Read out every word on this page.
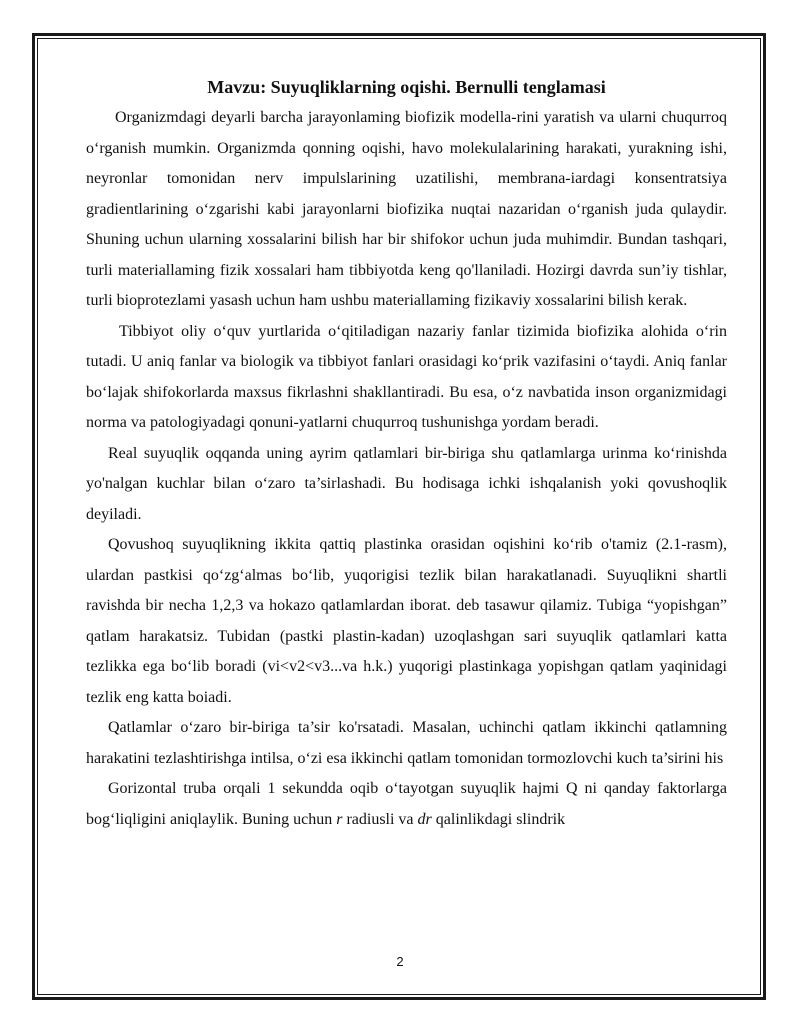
Mavzu: Suyuqliklarning oqishi. Bernulli tenglamasi

Organizmdagi deyarli barcha jarayonlaming biofizik modella-rini yaratish va ularni chuqurroq o‘rganish mumkin. Organizmda qonning oqishi, havo molekulalarining harakati, yurakning ishi, neyronlar tomonidan nerv impulslarining uzatilishi, membrana-iardagi konsentratsiya gradientlarining o‘zgarishi kabi jarayonlarni biofizika nuqtai nazaridan o‘rganish juda qulaydir. Shuning uchun ularning xossalarini bilish har bir shifokor uchun juda muhimdir. Bundan tashqari, turli materiallaming fizik xossalari ham tibbiyotda keng qo'llaniladi. Hozirgi davrda sun’iy tishlar, turli bioprotezlami yasash uchun ham ushbu materiallaming fizikaviy xossalarini bilish kerak.

Tibbiyot oliy o‘quv yurtlarida o‘qitiladigan nazariy fanlar tizimida biofizika alohida o‘rin tutadi. U aniq fanlar va biologik va tibbiyot fanlari orasidagi ko‘prik vazifasini o‘taydi. Aniq fanlar bo‘lajak shifokorlarda maxsus fikrlashni shakllantiradi. Bu esa, o‘z navbatida inson organizmidagi norma va patologiyadagi qonuni-yatlarni chuqurroq tushunishga yordam beradi.

Real suyuqlik oqqanda uning ayrim qatlamlari bir-biriga shu qatlamlarga urinma ko‘rinishda yo'nalgan kuchlar bilan o‘zaro ta’sirlashadi. Bu hodisaga ichki ishqalanish yoki qovushoqlik deyiladi.

Qovushoq suyuqlikning ikkita qattiq plastinka orasidan oqishini ko‘rib o'tamiz (2.1-rasm), ulardan pastkisi qo‘zg‘almas bo‘lib, yuqorigisi tezlik bilan harakatlanadi. Suyuqlikni shartli ravishda bir necha 1,2,3 va hokazo qatlamlardan iborat. deb tasawur qilamiz. Tubiga “yopishgan” qatlam harakatsiz. Tubidan (pastki plastin-kadan) uzoqlashgan sari suyuqlik qatlamlari katta tezlikka ega bo‘lib boradi (vi<v2<v3...va h.k.) yuqorigi plastinkaga yopishgan qatlam yaqinidagi tezlik eng katta boiadi.

Qatlamlar o‘zaro bir-biriga ta’sir ko'rsatadi. Masalan, uchinchi qatlam ikkinchi qatlamning harakatini tezlashtirishga intilsa, o‘zi esa ikkinchi qatlam tomonidan tormozlovchi kuch ta’sirini his

Gorizontal truba orqali 1 sekundda oqib o‘tayotgan suyuqlik hajmi Q ni qanday faktorlarga bog‘liqligini aniqlaylik. Buning uchun r radiusli va dr qalinlikdagi slindrik

2
